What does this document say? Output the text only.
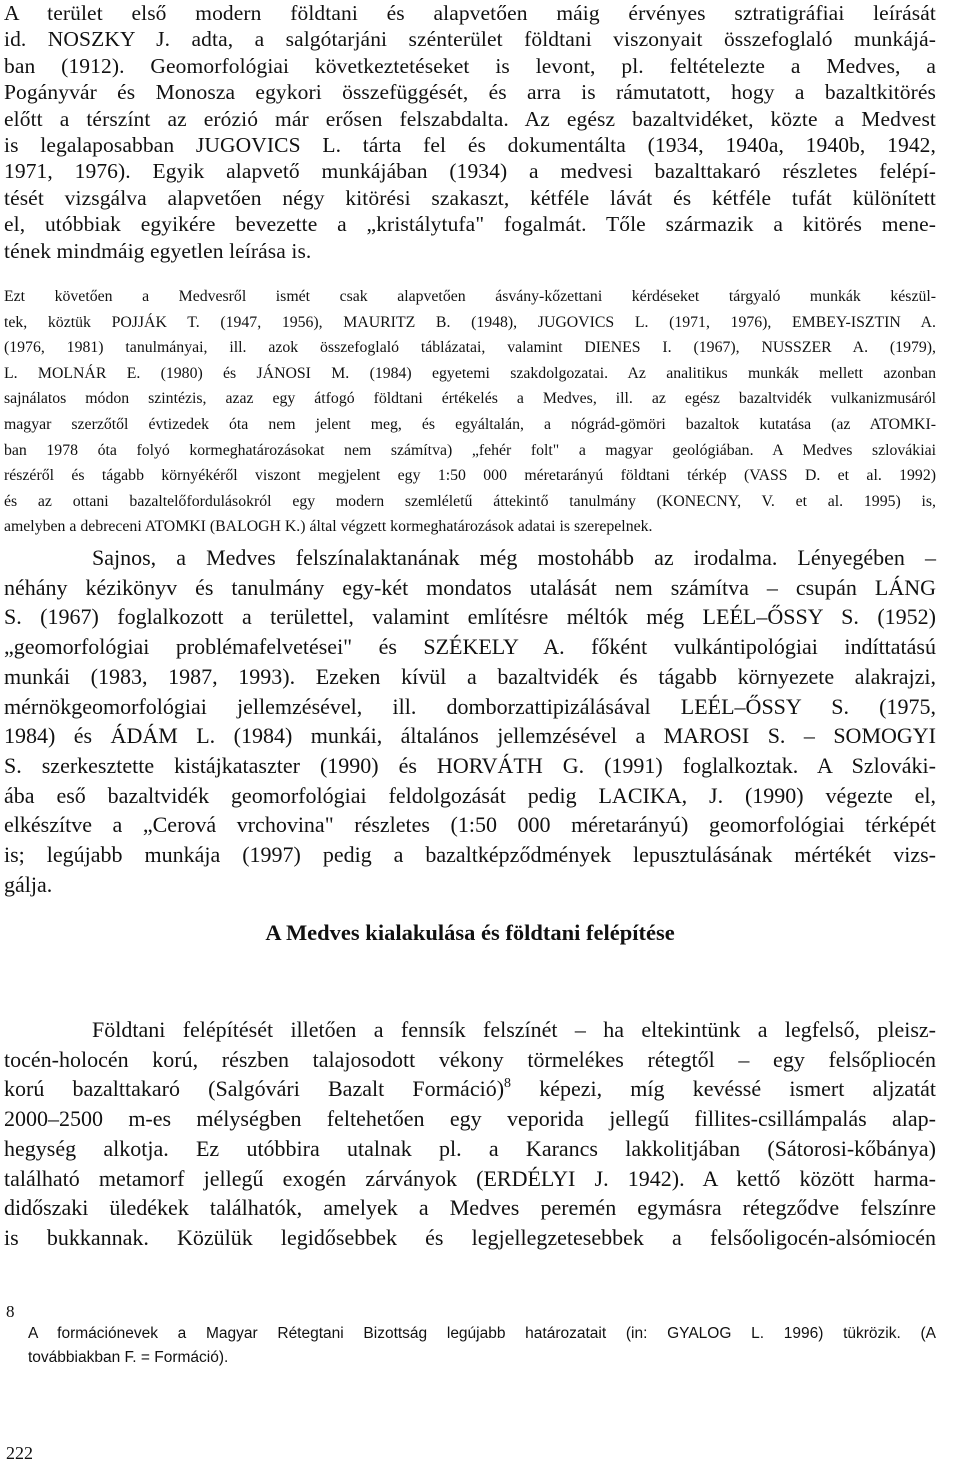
A terület első modern földtani és alapvetően máig érvényes sztratigráfiai leírását
id. NOSZKY J. adta, a salgótarjáni szénterület földtani viszonyait összefoglaló munkájá-
ban (1912). Geomorfológiai következtetéseket is levont, pl. feltételezte a Medves, a
Pogányvár és Monosza egykori összefüggését, és arra is rámutatott, hogy a bazaltkitörés
előtt a térszínt az erózió már erősen felszabdalta. Az egész bazaltvidéket, közte a Medvest
is legalaposabban JUGOVICS L. tárta fel és dokumentálta (1934, 1940a, 1940b, 1942,
1971, 1976). Egyik alapvető munkájában (1934) a medvesi bazalttakaró részletes felépí-
tését vizsgálva alapvetően négy kitörési szakaszt, kétféle lávát és kétféle tufát különített
el, utóbbiak egyikére bevezette a „kristálytufa" fogalmát. Tőle származik a kitörés mene-
tének mindmáig egyetlen leírása is.
Ezt követően a Medvesről ismét csak alapvetően ásvány-kőzettani kérdéseket tárgyaló munkák készül-
tek, köztük POJJÁK T. (1947, 1956), MAURITZ B. (1948), JUGOVICS L. (1971, 1976), EMBEY-ISZTIN A.
(1976, 1981) tanulmányai, ill. azok összefoglaló táblázatai, valamint DIENES I. (1967), NUSSZER A. (1979),
L. MOLNÁR E. (1980) és JÁNOSI M. (1984) egyetemi szakdolgozatai. Az analitikus munkák mellett azonban
sajnálatos módon szintézis, azaz egy átfogó földtani értékelés a Medves, ill. az egész bazaltvidék vulkanizmusáról
magyar szerzőtől évtizedek óta nem jelent meg, és egyáltalán, a nógrád-gömöri bazaltok kutatása (az ATOMKI-
ban 1978 óta folyó kormeghatározásokat nem számítva) „fehér folt" a magyar geológiában. A Medves szlovákiai
részéről és tágabb környékéről viszont megjelent egy 1:50 000 méretarányú földtani térkép (VASS D. et al. 1992)
és az ottani bazaltelőfordulásokról egy modern szemléletű áttekintő tanulmány (KONECNY, V. et al. 1995) is,
amelyben a debreceni ATOMKI (BALOGH K.) által végzett kormeghatározások adatai is szerepelnek.
Sajnos, a Medves felszínalaktanának még mostohább az irodalma. Lényegében –
néhány kézikönyv és tanulmány egy-két mondatos utalását nem számítva – csupán LÁNG
S. (1967) foglalkozott a területtel, valamint említésre méltók még LEÉL–ŐSSY S. (1952)
„geomorfológiai problémafelvetései" és SZÉKELY A. főként vulkántipológiai indíttatású
munkái (1983, 1987, 1993). Ezeken kívül a bazaltvidék és tágabb környezete alakrajzi,
mérnökgeomorfológiai jellemzésével, ill. domborzattipizálásával LEÉL–ŐSSY S. (1975,
1984) és ÁDÁM L. (1984) munkái, általános jellemzésével a MAROSI S. – SOMOGYI
S. szerkesztette kistájkataszter (1990) és HORVÁTH G. (1991) foglalkoztak. A Szlováki-
ába eső bazaltvidék geomorfológiai feldolgozását pedig LACIKA, J. (1990) végezte el,
elkészítve a „Cerová vrchovina" részletes (1:50 000 méretarányú) geomorfológiai térképét
is; legújabb munkája (1997) pedig a bazaltképződmények lepusztulásának mértékét vizs-
gálja.
A Medves kialakulása és földtani felépítése
Földtani felépítését illetően a fennsík felszínét – ha eltekintünk a legfelső, pleisz-
tocén-holocén korú, részben talajosodott vékony törmelékes rétegtől – egy felsőpliocén
korú bazalttakaró (Salgóvári Bazalt Formáció)$^8$ képezi, míg kevéssé ismert aljzatát
2000–2500 m-es mélységben feltehetően egy veporida jellegű fillites-csillámpalás alap-
hegység alkotja. Ez utóbbira utalnak pl. a Karancs lakkolitjában (Sátorosi-kőbánya)
található metamorf jellegű exogén zárványok (ERDÉLYI J. 1942). A kettő között harma-
didőszaki üledékek találhatók, amelyek a Medves peremén egymásra rétegződve felszínre
is bukkannak. Közülük legidősebbek és legjellegzetesebbek a felsőoligocén-alsómiocén
8
A formációnevek a Magyar Rétegtani Bizottság legújabb határozatait (in: GYALOG L. 1996) tükrözik. (A
továbbiakban F. = Formáció).
222
